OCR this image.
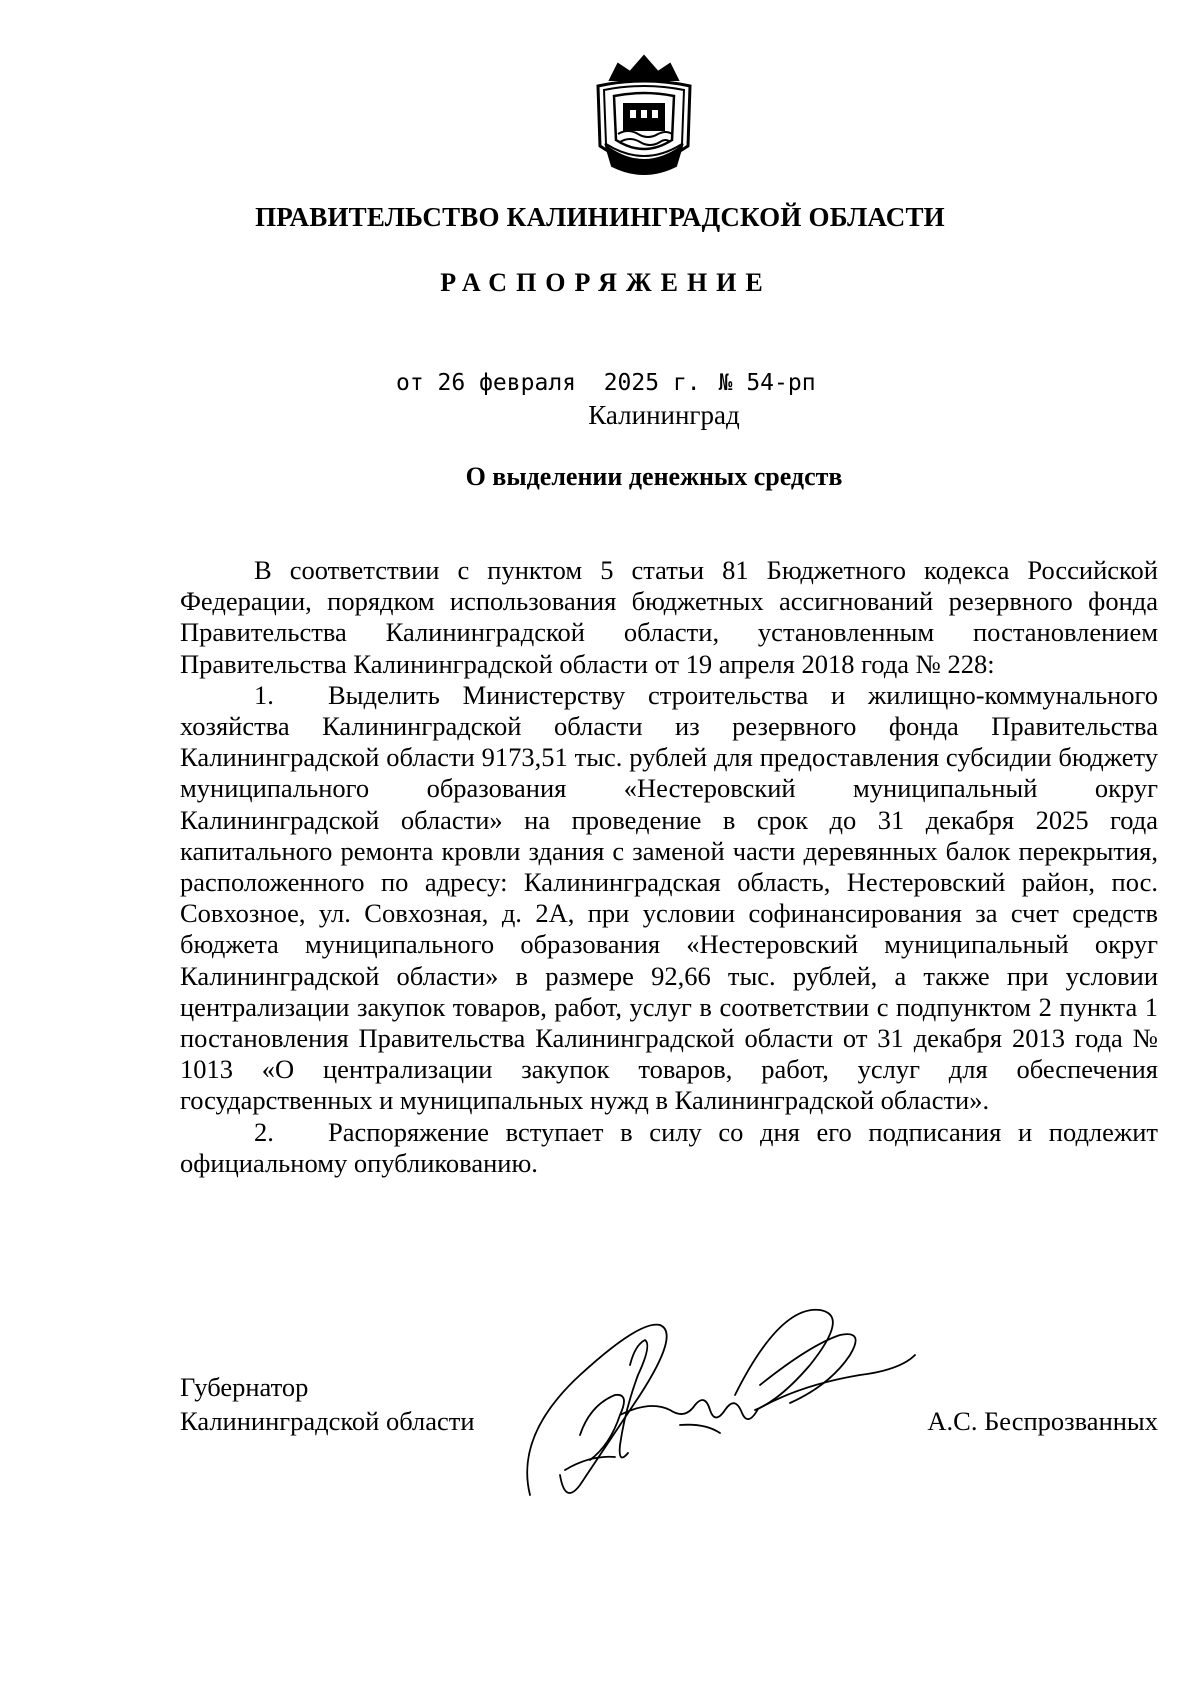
ПРАВИТЕЛЬСТВО КАЛИНИНГРАДСКОЙ ОБЛАСТИ
РАСПОРЯЖЕНИЕ
от 26 февраля  2025 г. № 54-рп
Калининград
О выделении денежных средств

В соответствии с пунктом 5 статьи 81 Бюджетного кодекса Российской Федерации, порядком использования бюджетных ассигнований резервного фонда Правительства Калининградской области, установленным постановлением Правительства Калининградской области от 19 апреля 2018 года № 228:

1. Выделить Министерству строительства и жилищно-коммунального хозяйства Калининградской области из резервного фонда Правительства Калининградской области 9173,51 тыс. рублей для предоставления субсидии бюджету муниципального образования «Нестеровский муниципальный округ Калининградской области» на проведение в срок до 31 декабря 2025 года капитального ремонта кровли здания с заменой части деревянных балок перекрытия, расположенного по адресу: Калининградская область, Нестеровский район, пос. Совхозное, ул. Совхозная, д. 2А, при условии софинансирования за счет средств бюджета муниципального образования «Нестеровский муниципальный округ Калининградской области» в размере 92,66 тыс. рублей, а также при условии централизации закупок товаров, работ, услуг в соответствии с подпунктом 2 пункта 1 постановления Правительства Калининградской области от 31 декабря 2013 года № 1013 «О централизации закупок товаров, работ, услуг для обеспечения государственных и муниципальных нужд в Калининградской области».

2. Распоряжение вступает в силу со дня его подписания и подлежит официальному опубликованию.

Губернатор
Калининградской области	А.С. Беспрозванных
